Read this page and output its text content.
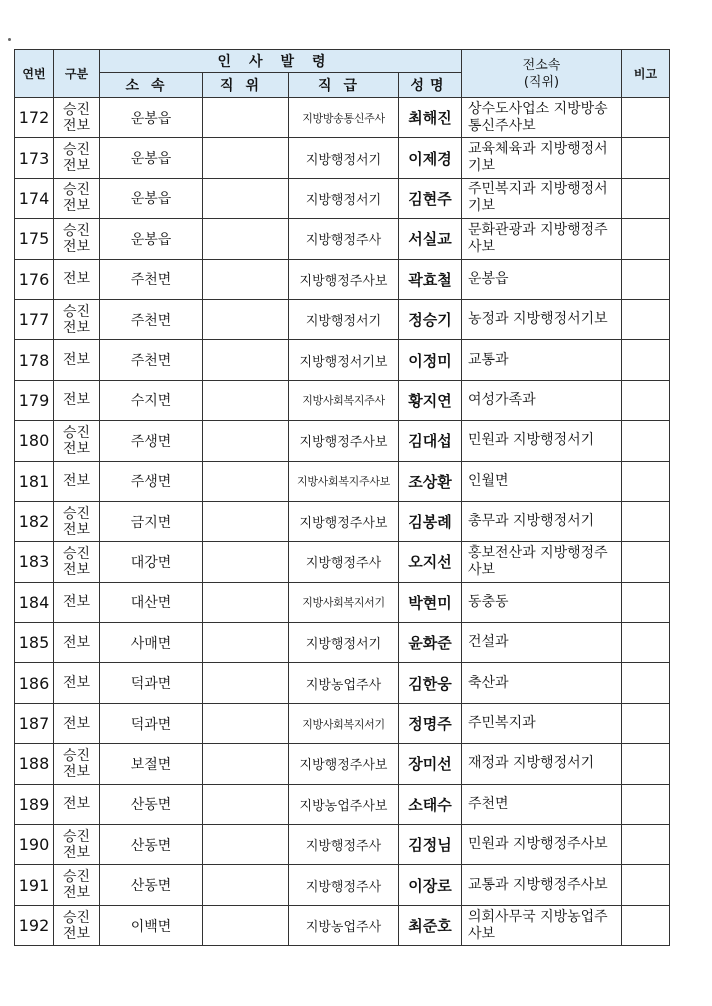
연번	구분	인사발령				전소속
(직위)	비고
		소속	직위	직급	성명		
172	승진 전보	운봉읍		지방방송통신주사	최해진	상수도사업소 지방방송통신주사보	
173	승진 전보	운봉읍		지방행정서기	이제경	교육체육과 지방행정서기보	
174	승진 전보	운봉읍		지방행정서기	김현주	주민복지과 지방행정서기보	
175	승진 전보	운봉읍		지방행정주사	서실교	문화관광과 지방행정주사보	
176	전보	주천면		지방행정주사보	곽효철	운봉읍	
177	승진 전보	주천면		지방행정서기	정승기	농정과 지방행정서기보	
178	전보	주천면		지방행정서기보	이정미	교통과	
179	전보	수지면		지방사회복지주사	황지연	여성가족과	
180	승진 전보	주생면		지방행정주사보	김대섭	민원과 지방행정서기	
181	전보	주생면		지방사회복지주사보	조상환	인월면	
182	승진 전보	금지면		지방행정주사보	김봉례	총무과 지방행정서기	
183	승진 전보	대강면		지방행정주사	오지선	홍보전산과 지방행정주사보	
184	전보	대산면		지방사회복지서기	박현미	동충동	
185	전보	사매면		지방행정서기	윤화준	건설과	
186	전보	덕과면		지방농업주사	김한웅	축산과	
187	전보	덕과면		지방사회복지서기	정명주	주민복지과	
188	승진 전보	보절면		지방행정주사보	장미선	재정과 지방행정서기	
189	전보	산동면		지방농업주사보	소태수	주천면	
190	승진 전보	산동면		지방행정주사	김정님	민원과 지방행정주사보	
191	승진 전보	산동면		지방행정주사	이장로	교통과 지방행정주사보	
192	승진 전보	이백면		지방농업주사	최준호	의회사무국 지방농업주사보	
